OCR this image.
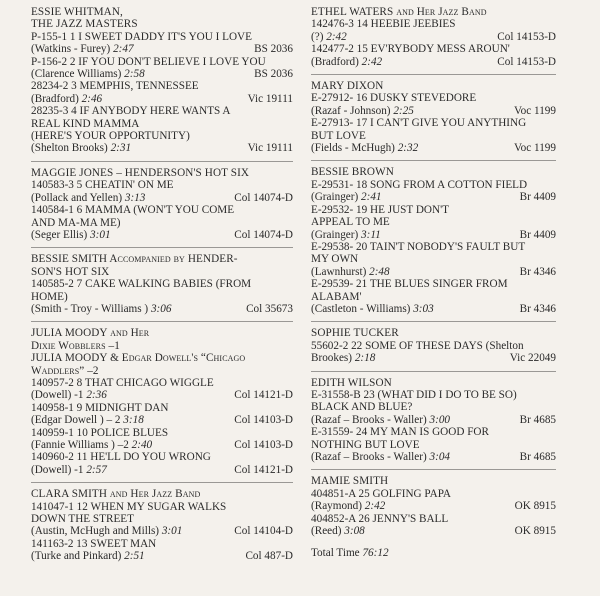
ESSIE WHITMAN,
THE JAZZ MASTERS
P-155-1 1 I SWEET DADDY IT'S YOU I LOVE
(Watkins - Furey) 2:47	BS 2036
P-156-2 2 IF YOU DON'T BELIEVE I LOVE YOU
(Clarence Williams) 2:58	BS 2036
28234-2 3 MEMPHIS, TENNESSEE
(Bradford) 2:46	Vic 19111
28235-3 4 IF ANYBODY HERE WANTS A
REAL KIND MAMMA
(HERE'S YOUR OPPORTUNITY)
(Shelton Brooks) 2:31	Vic 19111
MAGGIE JONES – HENDERSON'S HOT SIX
140583-3 5 CHEATIN' ON ME
(Pollack and Yellen) 3:13	Col 14074-D
140584-1 6 MAMMA (WON'T YOU COME
AND MA-MA ME)
(Seger Ellis) 3:01	Col 14074-D
BESSIE SMITH Accompanied by HENDER-
SON'S HOT SIX
140585-2 7 CAKE WALKING BABIES (FROM
HOME)
(Smith - Troy - Williams ) 3:06	Col 35673
JULIA MOODY and Her
Dixie Wobblers –1
JULIA MOODY & Edgar Dowell's “Chicago
Waddlers” –2
140957-2 8 THAT CHICAGO WIGGLE
(Dowell) -1 2:36	Col 14121-D
140958-1 9 MIDNIGHT DAN
(Edgar Dowell ) – 2 3:18	Col 14103-D
140959-1 10 POLICE BLUES
(Fannie Williams ) –2 2:40	Col 14103-D
140960-2 11 HE'LL DO YOU WRONG
(Dowell) -1 2:57	Col 14121-D
CLARA SMITH and Her Jazz Band
141047-1 12 WHEN MY SUGAR WALKS
DOWN THE STREET
(Austin, McHugh and Mills) 3:01	Col 14104-D
141163-2 13 SWEET MAN
(Turke and Pinkard) 2:51	Col 487-D
ETHEL WATERS and Her Jazz Band
142476-3 14 HEEBIE JEEBIES
(?) 2:42	Col 14153-D
142477-2 15 EV'RYBODY MESS AROUN'
(Bradford) 2:42	Col 14153-D
MARY DIXON
E-27912- 16 DUSKY STEVEDORE
(Razaf - Johnson) 2:25	Voc 1199
E-27913- 17 I CAN'T GIVE YOU ANYTHING
BUT LOVE
(Fields - McHugh) 2:32	Voc 1199
BESSIE BROWN
E-29531- 18 SONG FROM A COTTON FIELD
(Grainger) 2:41	Br 4409
E-29532- 19 HE JUST DON'T
APPEAL TO ME
(Grainger) 3:11	Br 4409
E-29538- 20 TAIN'T NOBODY'S FAULT BUT
MY OWN
(Lawnhurst) 2:48	Br 4346
E-29539- 21 THE BLUES SINGER FROM
ALABAM'
(Castleton - Williams) 3:03	Br 4346
SOPHIE TUCKER
55602-2 22 SOME OF THESE DAYS (Shelton
Brookes) 2:18	Vic 22049
EDITH WILSON
E-31558-B 23 (WHAT DID I DO TO BE SO)
BLACK AND BLUE?
(Razaf – Brooks - Waller) 3:00	Br 4685
E-31559- 24 MY MAN IS GOOD FOR
NOTHING BUT LOVE
(Razaf – Brooks - Waller) 3:04	Br 4685
MAMIE SMITH
404851-A 25 GOLFING PAPA
(Raymond) 2:42	OK 8915
404852-A 26 JENNY'S BALL
(Reed) 3:08	OK 8915
Total Time 76:12
